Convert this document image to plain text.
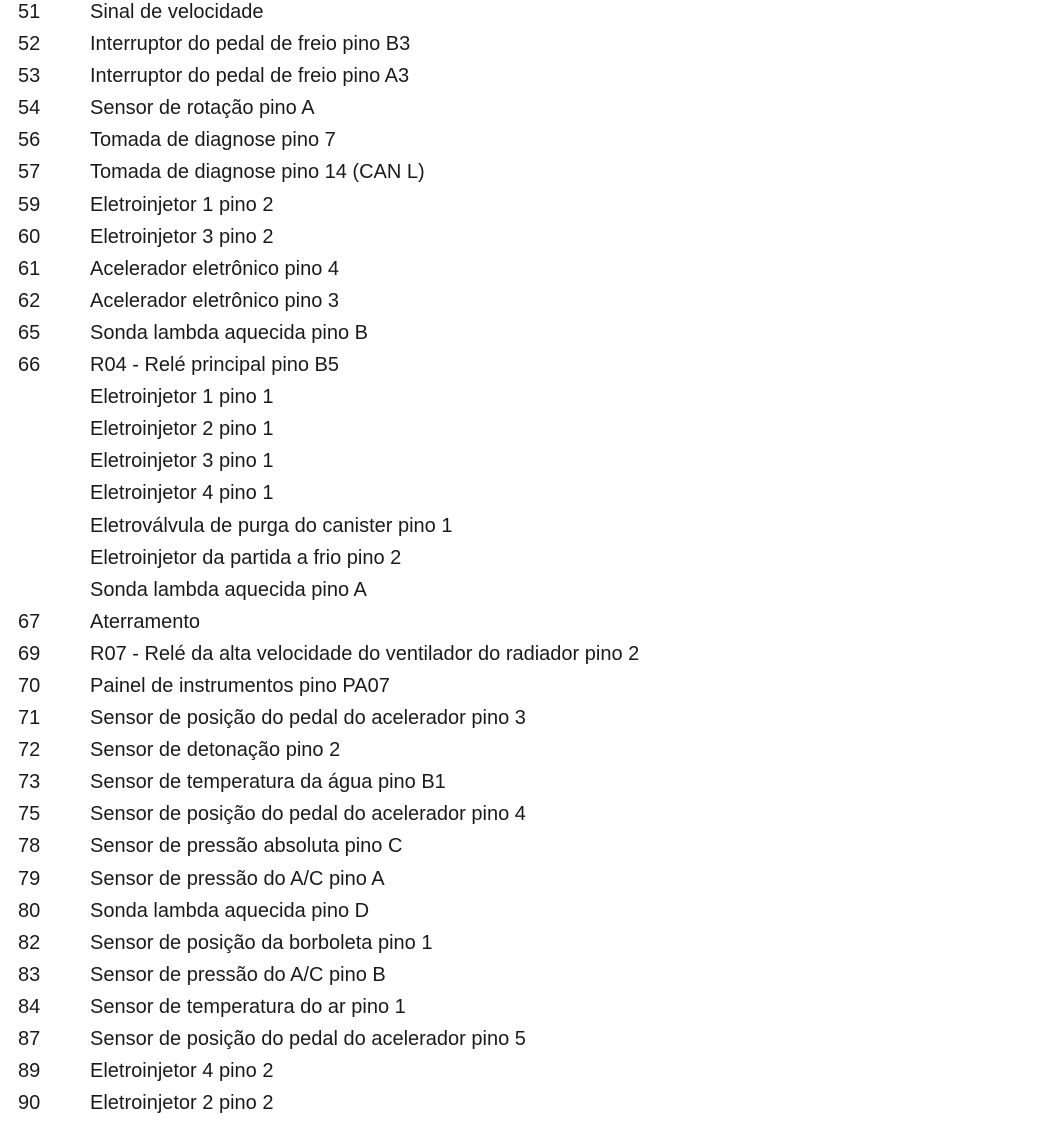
51 Sinal de velocidade
52 Interruptor do pedal de freio pino B3
53 Interruptor do pedal de freio pino A3
54 Sensor de rotação pino A
56 Tomada de diagnose pino 7
57 Tomada de diagnose pino 14 (CAN L)
59 Eletroinjetor 1 pino 2
60 Eletroinjetor 3 pino 2
61 Acelerador eletrônico pino 4
62 Acelerador eletrônico pino 3
65 Sonda lambda aquecida pino B
66 R04 - Relé principal pino B5
Eletroinjetor 1 pino 1
Eletroinjetor 2 pino 1
Eletroinjetor 3 pino 1
Eletroinjetor 4 pino 1
Eletroválvula de purga do canister pino 1
Eletroinjetor da partida a frio pino 2
Sonda lambda aquecida pino A
67 Aterramento
69 R07 - Relé da alta velocidade do ventilador do radiador pino 2
70 Painel de instrumentos pino PA07
71 Sensor de posição do pedal do acelerador pino 3
72 Sensor de detonação pino 2
73 Sensor de temperatura da água pino B1
75 Sensor de posição do pedal do acelerador pino 4
78 Sensor de pressão absoluta pino C
79 Sensor de pressão do A/C pino A
80 Sonda lambda aquecida pino D
82 Sensor de posição da borboleta pino 1
83 Sensor de pressão do A/C pino B
84 Sensor de temperatura do ar pino 1
87 Sensor de posição do pedal do acelerador pino 5
89 Eletroinjetor 4 pino 2
90 Eletroinjetor 2 pino 2
